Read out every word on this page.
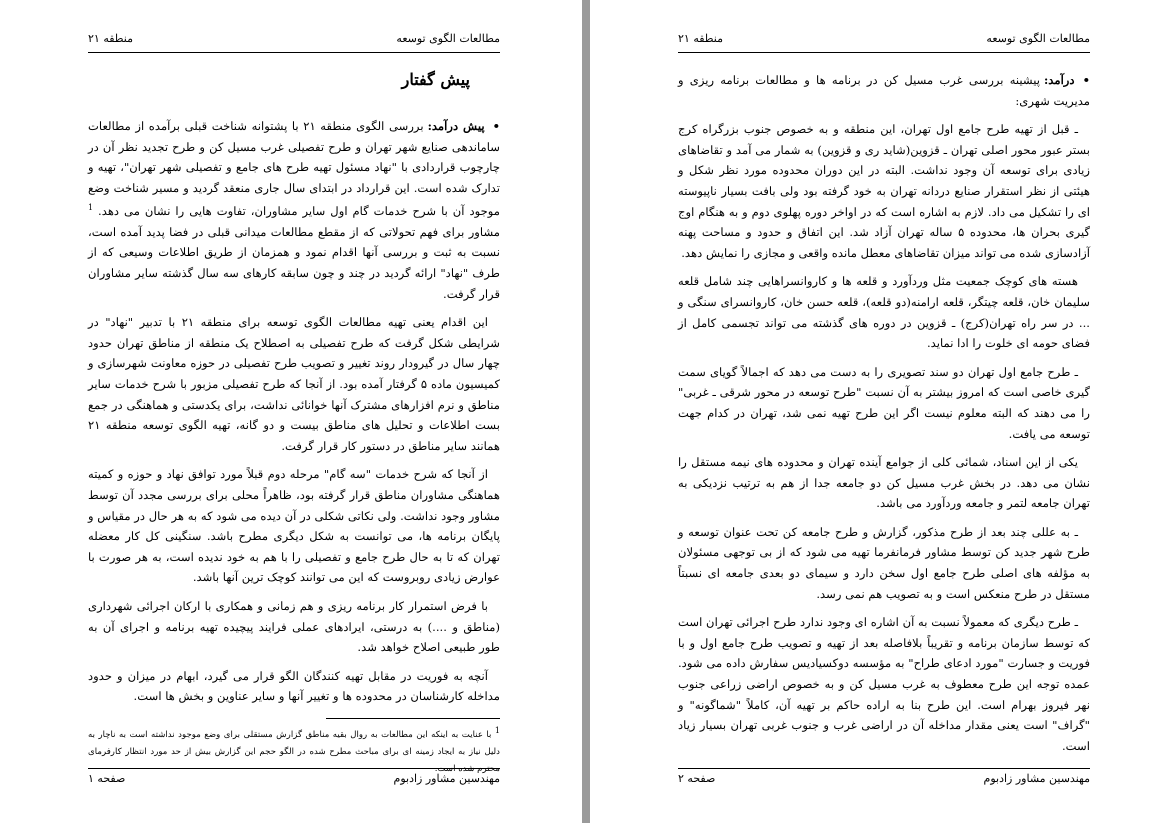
مطالعات الگوی توسعه
منطقه ۲۱
پیش گفتار

•پیش درآمد:بررسی الگوی منطقه ۲۱ با پشتوانه شناخت قبلی برآمده از مطالعات ساماندهی صنایع شهر تهران و طرح تفصیلی غرب مسیل کن و طرح تجدید نظر آن در چارچوب قراردادی با "نهاد مسئول تهیه طرح های جامع و تفصیلی شهر تهران"، تهیه و تدارک شده است. این قرارداد در ابتدای سال جاری منعقد گردید و مسیر شناخت وضع موجود آن با شرح خدمات گام اول سایر مشاوران، تفاوت هایی را نشان می دهد. $^1$ مشاور برای فهم تحولاتی که از مقطع مطالعات میدانی قبلی در فضا پدید آمده است، نسبت به ثبت و بررسی آنها اقدام نمود و همزمان از طریق اطلاعات وسیعی که از طرف "نهاد" ارائه گردید در چند و چون سابقه کارهای سه سال گذشته سایر مشاوران قرار گرفت.

این اقدام یعنی تهیه مطالعات الگوی توسعه برای منطقه ۲۱ با تدبیر "نهاد" در شرایطی شکل گرفت که طرح تفصیلی به اصطلاح یک منطقه از مناطق تهران حدود چهار سال در گیرودار روند تغییر و تصویب طرح تفصیلی در حوزه معاونت شهرسازی و کمیسیون ماده ۵ گرفتار آمده بود. از آنجا که طرح تفصیلی مزبور با شرح خدمات سایر مناطق و نرم افزارهای مشترک آنها خوانائی نداشت، برای یکدستی و هماهنگی در جمع بست اطلاعات و تحلیل های مناطق بیست و دو گانه، تهیه الگوی توسعه منطقه ۲۱ همانند سایر مناطق در دستور کار قرار گرفت.

از آنجا که شرح خدمات "سه گام" مرحله دوم قبلاً مورد توافق نهاد و حوزه و کمیته هماهنگی مشاوران مناطق قرار گرفته بود، ظاهراً محلی برای بررسی مجدد آن توسط مشاور وجود نداشت. ولی نکاتی شکلی در آن دیده می شود که به هر حال در مقیاس و پایگان برنامه ها، می توانست به شکل دیگری مطرح باشد. سنگینی کل کار معضله تهران که تا به حال طرح جامع و تفصیلی را با هم به خود ندیده است، به هر صورت با عوارض زیادی روبروست که این می توانند کوچک ترین آنها باشد.

با فرض استمرار کار برنامه ریزی و هم زمانی و همکاری با ارکان اجرائی شهرداری (مناطق و ....) به درستی، ایرادهای عملی فرایند پیچیده تهیه برنامه و اجرای آن به طور طبیعی اصلاح خواهد شد.

آنچه به فوریت در مقابل تهیه کنندگان الگو قرار می گیرد، ابهام در میزان و حدود مداخله کارشناسان در محدوده ها و تغییر آنها و سایر عناوین و بخش ها است.

$^1$ با عنایت به اینکه این مطالعات به روال بقیه مناطق گزارش مستقلی برای وضع موجود نداشته است به ناچار به دلیل نیاز به ایجاد زمینه ای برای مباحث مطرح شده در الگو حجم این گزارش بیش از حد مورد انتظار کارفرمای محترم شده است.
مهندسین مشاور زادبوم
صفحه ۱
مطالعات الگوی توسعه
منطقه ۲۱

•درآمد:پیشینه بررسی غرب مسیل کن در برنامه ها و مطالعات برنامه ریزی و مدیریت شهری:

ـ قبل از تهیه طرح جامع اول تهران، این منطقه و به خصوص جنوب بزرگراه کرج بستر عبور محور اصلی تهران ـ قزوین(شاید ری و قزوین) به شمار می آمد و تقاضاهای زیادی برای توسعه آن وجود نداشت. البته در این دوران محدوده مورد نظر شکل و هیئتی از نظر استقرار صنایع دردانه تهران به خود گرفته بود ولی بافت بسیار ناپیوسته ای را تشکیل می داد. لازم به اشاره است که در اواخر دوره پهلوی دوم و به هنگام اوج گیری بحران ها، محدوده ۵ ساله تهران آزاد شد. این اتفاق و حدود و مساحت پهنه آزادسازی شده می تواند میزان تقاضاهای معطل مانده واقعی و مجازی را نمایش دهد.

هسته های کوچک جمعیت مثل وردآورد و قلعه ها و کاروانسراهایی چند شامل قلعه سلیمان خان، قلعه چیتگر، قلعه ارامنه(دو قلعه)، قلعه حسن خان، کاروانسرای سنگی و ... در سر راه تهران(کرج) ـ قزوین در دوره های گذشته می تواند تجسمی کامل از فضای حومه ای خلوت را ادا نماید.

ـ طرح جامع اول تهران دو سند تصویری را به دست می دهد که اجمالاً گویای سمت گیری خاصی است که امروز بیشتر به آن نسبت "طرح توسعه در محور شرقی ـ غربی" را می دهند که البته معلوم نیست اگر این طرح تهیه نمی شد، تهران در کدام جهت توسعه می یافت.

یکی از این اسناد، شمائی کلی از جوامع آینده تهران و محدوده های نیمه مستقل را نشان می دهد. در بخش غرب مسیل کن دو جامعه جدا از هم به ترتیب نزدیکی به تهران جامعه لتمر و جامعه وردآورد می باشد.

ـ به عللی چند بعد از طرح مذکور، گزارش و طرح جامعه کن تحت عنوان توسعه و طرح شهر جدید کن توسط مشاور فرمانفرما تهیه می شود که از بی توجهی مسئولان به مؤلفه های اصلی طرح جامع اول سخن دارد و سیمای دو بعدی جامعه ای نسبتاً مستقل در طرح منعکس است و به تصویب هم نمی رسد.

ـ طرح دیگری که معمولاً نسبت به آن اشاره ای وجود ندارد طرح اجرائی تهران است که توسط سازمان برنامه و تقریباً بلافاصله بعد از تهیه و تصویب طرح جامع اول و با فوریت و جسارت "مورد ادعای طراح" به مؤسسه دوکسیادیس سفارش داده می شود. عمده توجه این طرح معطوف به غرب مسیل کن و به خصوص اراضی زراعی جنوب نهر فیروز بهرام است. این طرح بنا به اراده حاکم بر تهیه آن، کاملاً "شماگونه" و "گراف" است یعنی مقدار مداخله آن در اراضی غرب و جنوب غربی تهران بسیار زیاد است.

مهندسین مشاور زادبوم
صفحه ۲
